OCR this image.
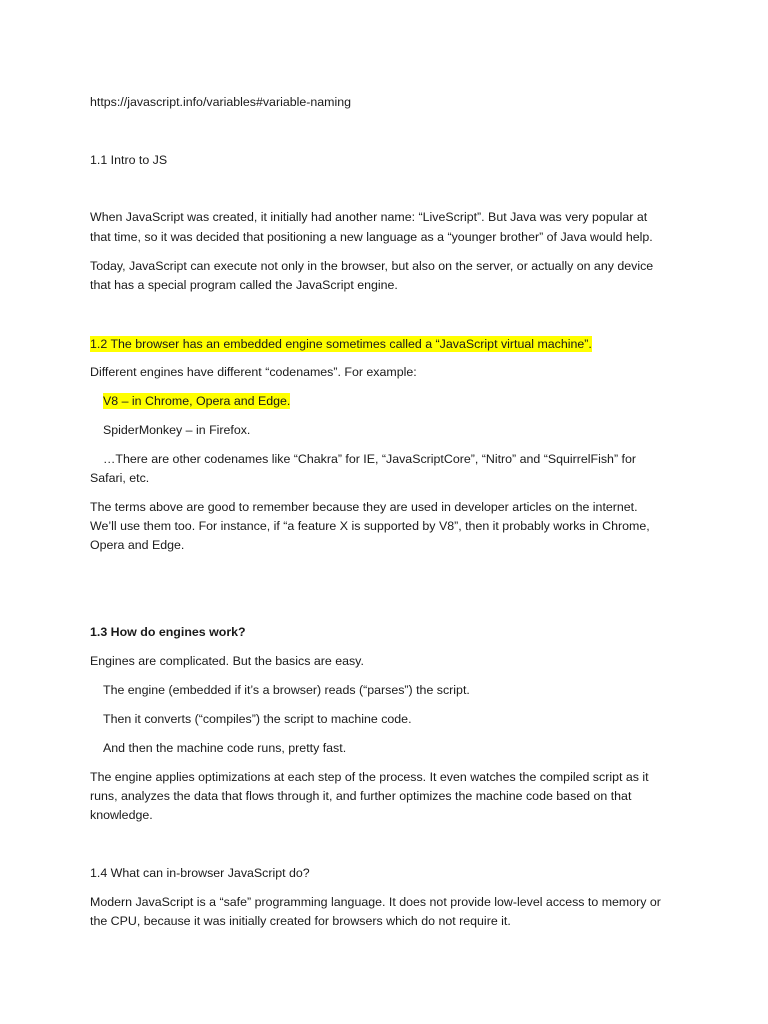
https://javascript.info/variables#variable-naming
1.1 Intro to JS
When JavaScript was created, it initially had another name: “LiveScript”. But Java was very popular at
that time, so it was decided that positioning a new language as a “younger brother” of Java would help.
Today, JavaScript can execute not only in the browser, but also on the server, or actually on any device
that has a special program called the JavaScript engine.
1.2 The browser has an embedded engine sometimes called a “JavaScript virtual machine”.
Different engines have different “codenames”. For example:
V8 – in Chrome, Opera and Edge.
SpiderMonkey – in Firefox.
…There are other codenames like “Chakra” for IE, “JavaScriptCore”, “Nitro” and “SquirrelFish” for
Safari, etc.
The terms above are good to remember because they are used in developer articles on the internet.
We’ll use them too. For instance, if “a feature X is supported by V8”, then it probably works in Chrome,
Opera and Edge.
1.3 How do engines work?
Engines are complicated. But the basics are easy.
The engine (embedded if it’s a browser) reads (“parses”) the script.
Then it converts (“compiles”) the script to machine code.
And then the machine code runs, pretty fast.
The engine applies optimizations at each step of the process. It even watches the compiled script as it
runs, analyzes the data that flows through it, and further optimizes the machine code based on that
knowledge.
1.4 What can in-browser JavaScript do?
Modern JavaScript is a “safe” programming language. It does not provide low-level access to memory or
the CPU, because it was initially created for browsers which do not require it.
